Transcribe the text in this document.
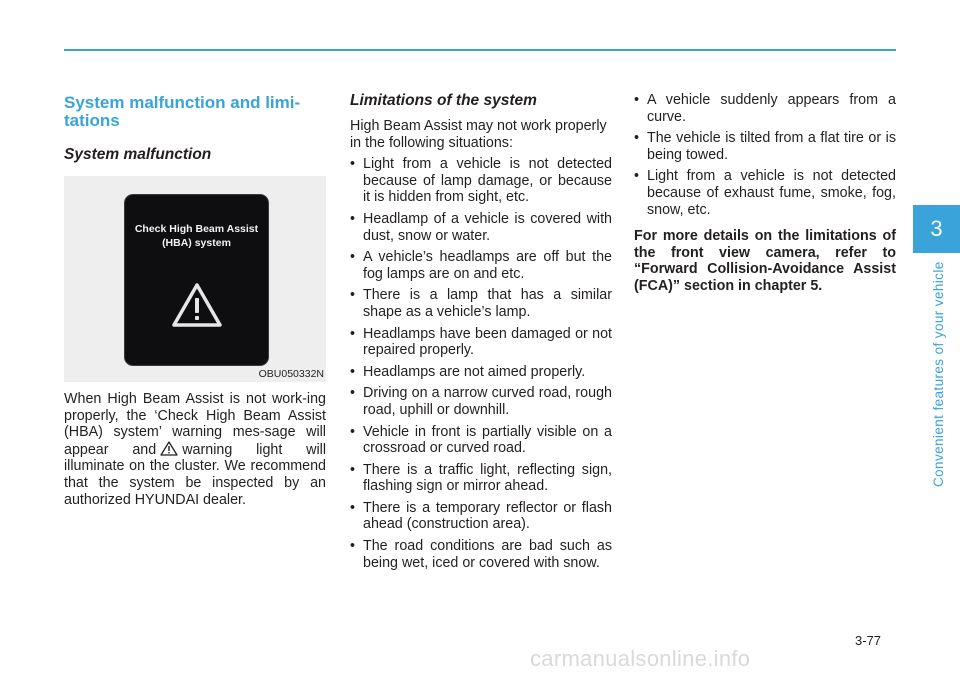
System malfunction and limi-tations
System malfunction
Check High Beam Assist
(HBA) system
OBU050332N

When High Beam Assist is not work-ing properly, the ‘Check High Beam Assist (HBA) system’ warning mes-sage will appear and warning light will illuminate on the cluster. We recommend that the system be inspected by an authorized HYUNDAI dealer.

Limitations of the system

High Beam Assist may not work properly in the following situations:

• Light from a vehicle is not detected because of lamp damage, or because it is hidden from sight, etc.
• Headlamp of a vehicle is covered with dust, snow or water.
• A vehicle’s headlamps are off but the fog lamps are on and etc.
• There is a lamp that has a similar shape as a vehicle’s lamp.
• Headlamps have been damaged or not repaired properly.
• Headlamps are not aimed properly.
• Driving on a narrow curved road, rough road, uphill or downhill.
• Vehicle in front is partially visible on a crossroad or curved road.
• There is a traffic light, reflecting sign, flashing sign or mirror ahead.
• There is a temporary reflector or flash ahead (construction area).
• The road conditions are bad such as being wet, iced or covered with snow.
• A vehicle suddenly appears from a curve.
• The vehicle is tilted from a flat tire or is being towed.
• Light from a vehicle is not detected because of exhaust fume, smoke, fog, snow, etc.

For more details on the limitations of the front view camera, refer to “Forward Collision-Avoidance Assist (FCA)” section in chapter 5.

3
Convenient features of your vehicle
3-77
carmanualsonline.info
